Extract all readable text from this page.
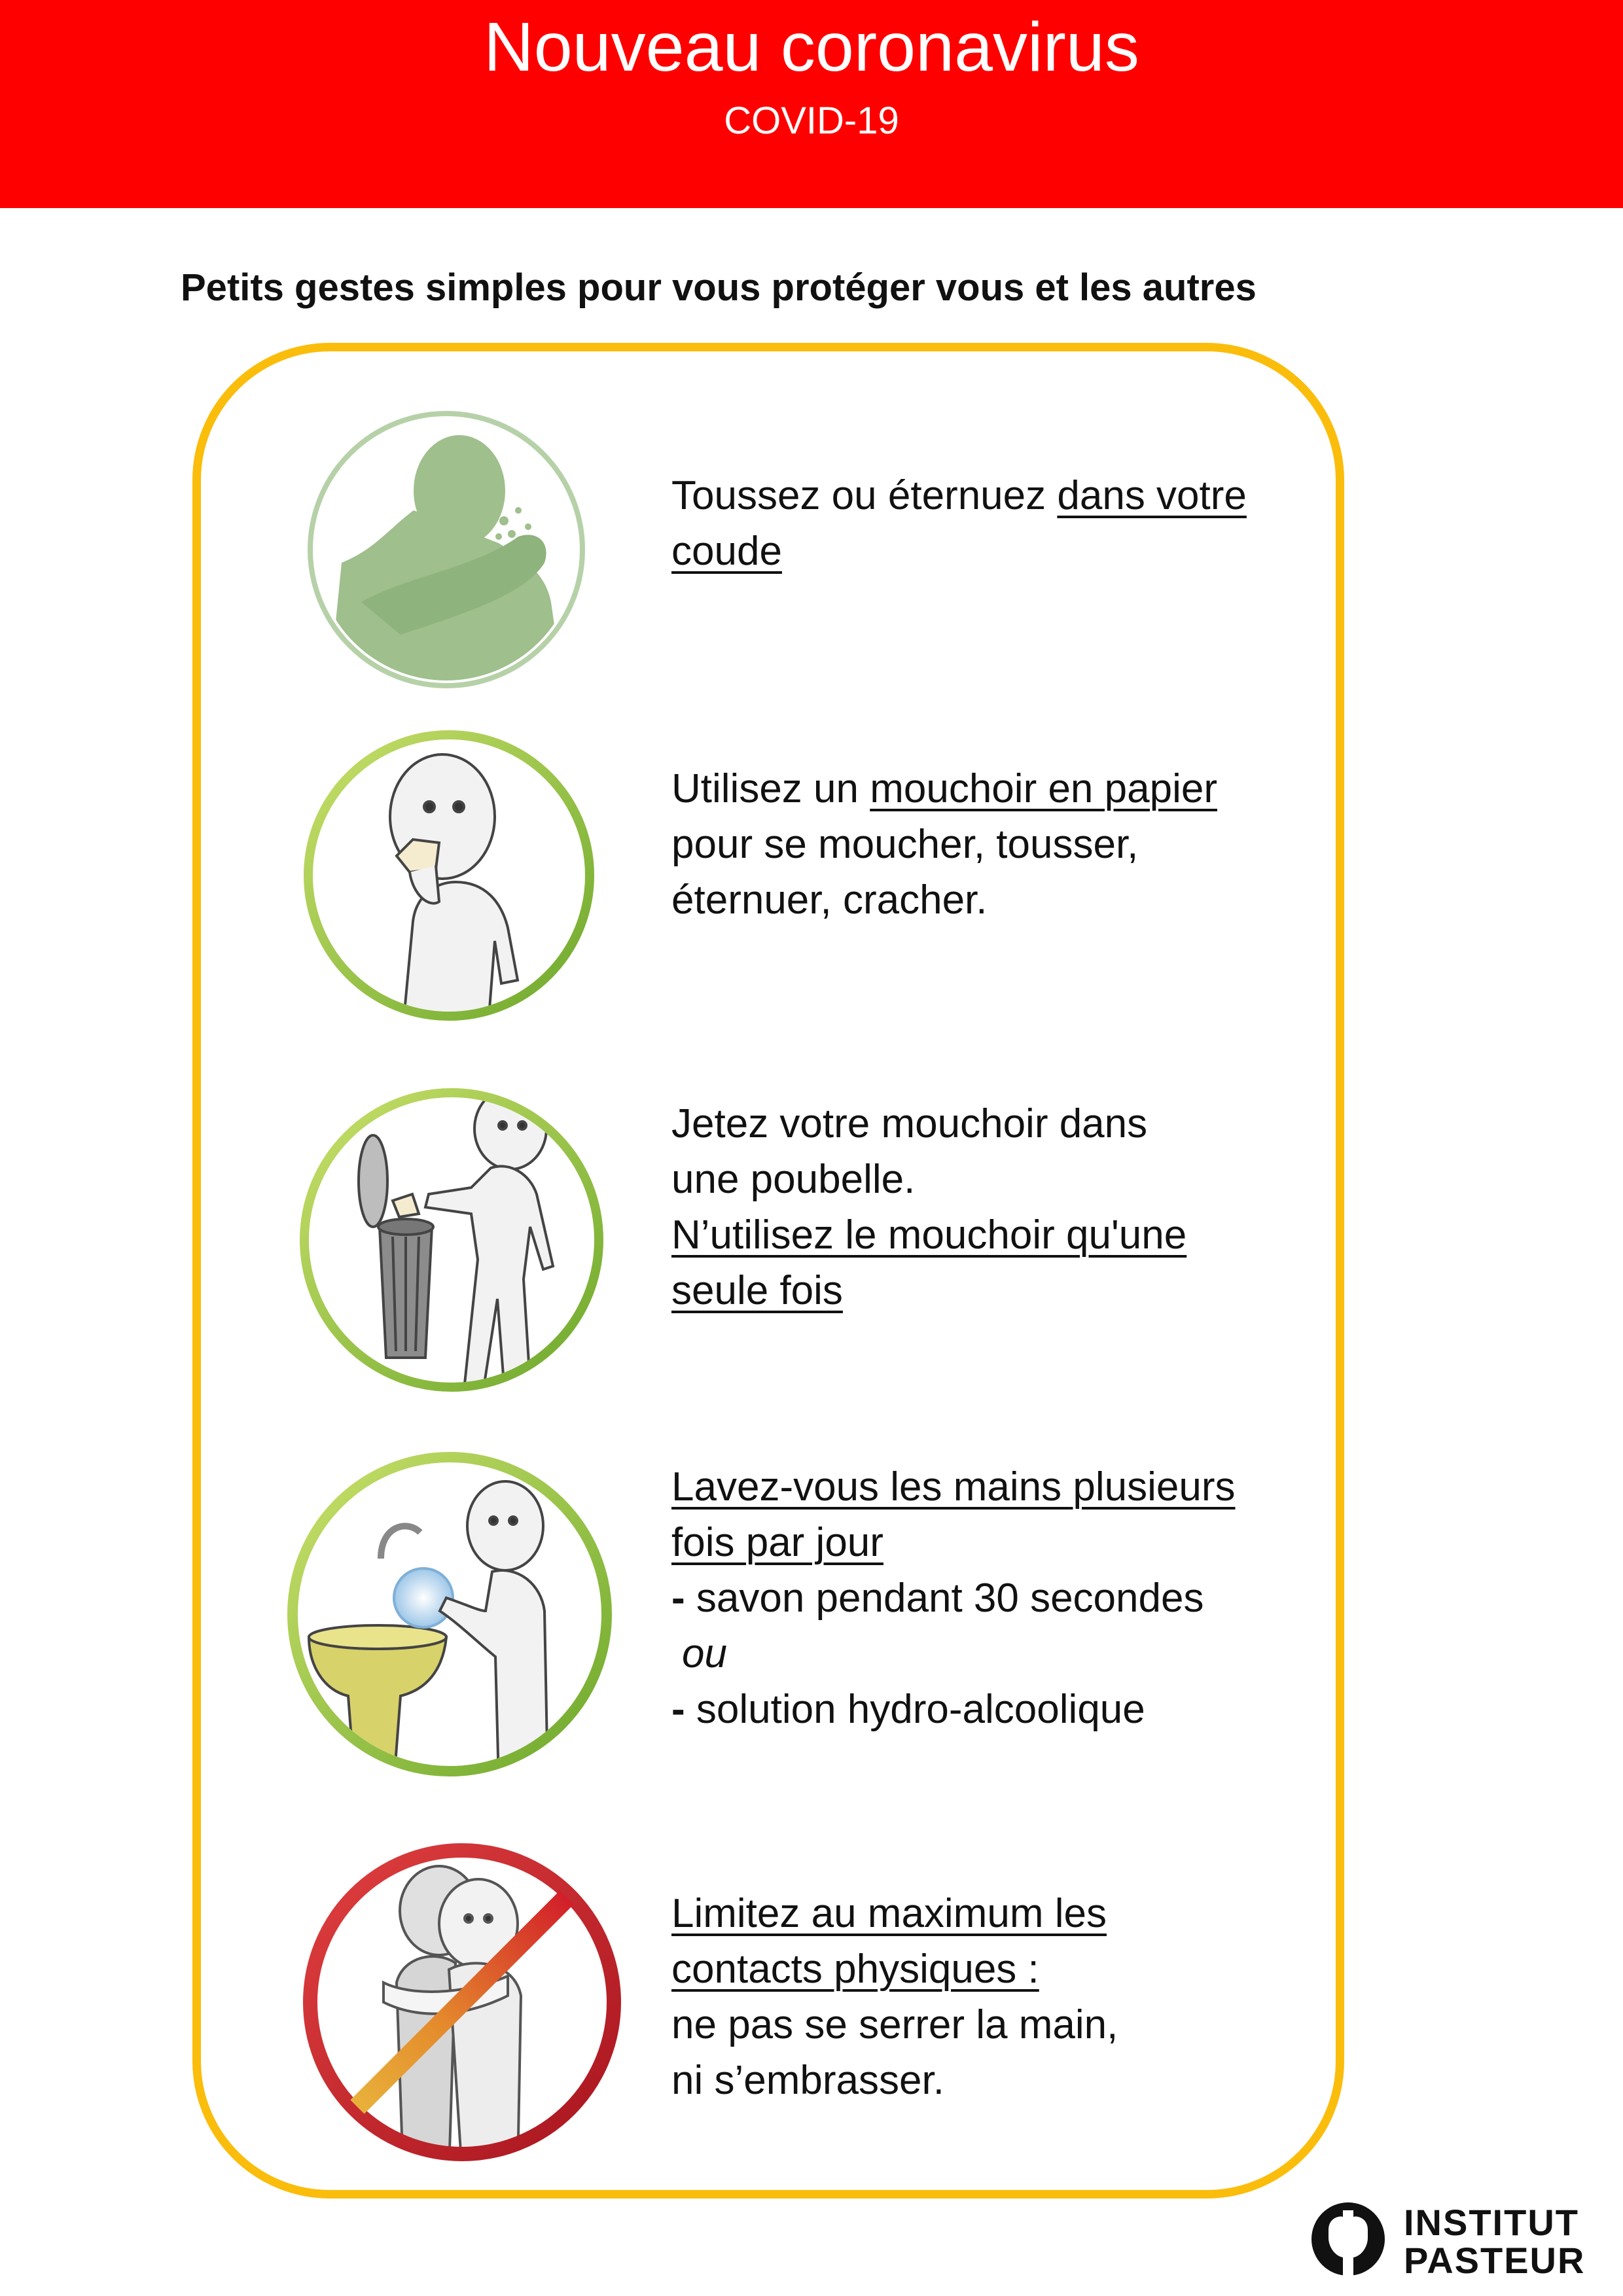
Nouveau coronavirus
COVID-19
Petits gestes simples pour vous protéger vous et les autres
Toussez ou éternuez dans votre coude
Utilisez un mouchoir en papier pour se moucher, tousser, éternuer, cracher.

Jetez votre mouchoir dans une poubelle.

N’utilisez le mouchoir qu'une seule fois

Lavez-vous les mains plusieurs fois par jour

- savon pendant 30 secondes

ou

- solution hydro-alcoolique

Limitez au maximum les contacts physiques :

ne pas se serrer la main,

ni s’embrasser.

INSTITUT
PASTEUR
